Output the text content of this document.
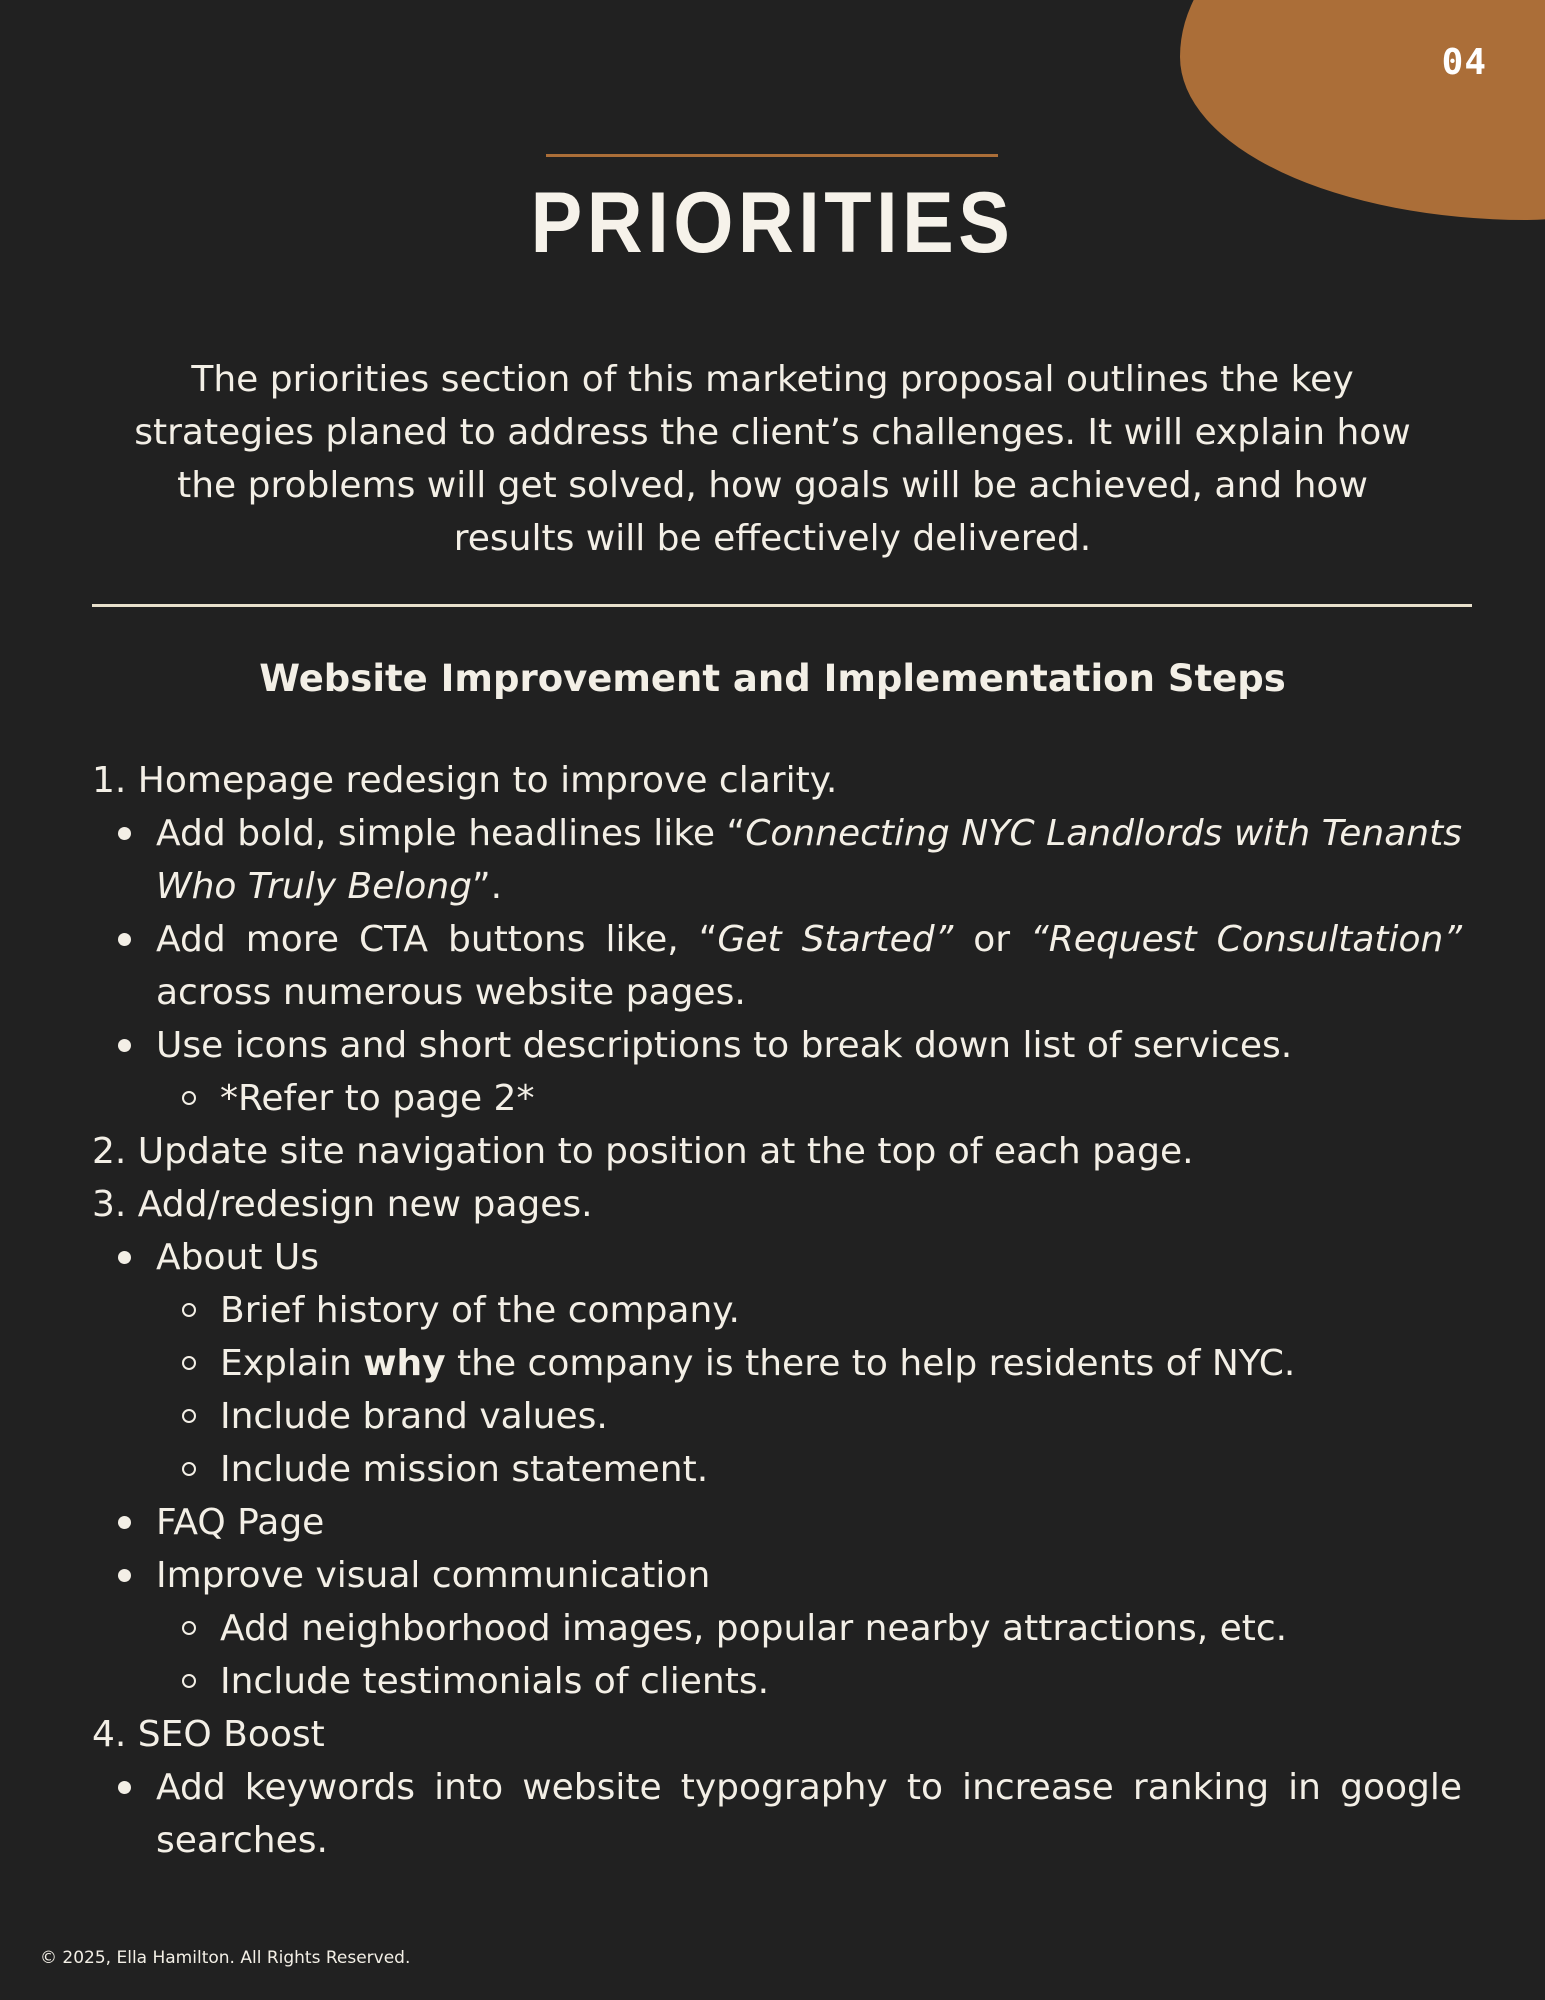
04
PRIORITIES

The priorities section of this marketing proposal outlines the key strategies planed to address the client’s challenges. It will explain how the problems will get solved, how goals will be achieved, and how results will be effectively delivered.

Website Improvement and Implementation Steps
1. Homepage redesign to improve clarity.
Add bold, simple headlines like “Connecting NYC Landlords with Tenants Who Truly Belong”.
Add more CTA buttons like, “Get Started” or “Request Consultation” across numerous website pages.
Use icons and short descriptions to break down list of services.
*Refer to page 2*
2. Update site navigation to position at the top of each page.
3. Add/redesign new pages.
About Us
Brief history of the company.
Explain why the company is there to help residents of NYC.
Include brand values.
Include mission statement.
FAQ Page
Improve visual communication
Add neighborhood images, popular nearby attractions, etc.
Include testimonials of clients.
4. SEO Boost
Add keywords into website typography to increase ranking in google searches.
© 2025, Ella Hamilton. All Rights Reserved.
